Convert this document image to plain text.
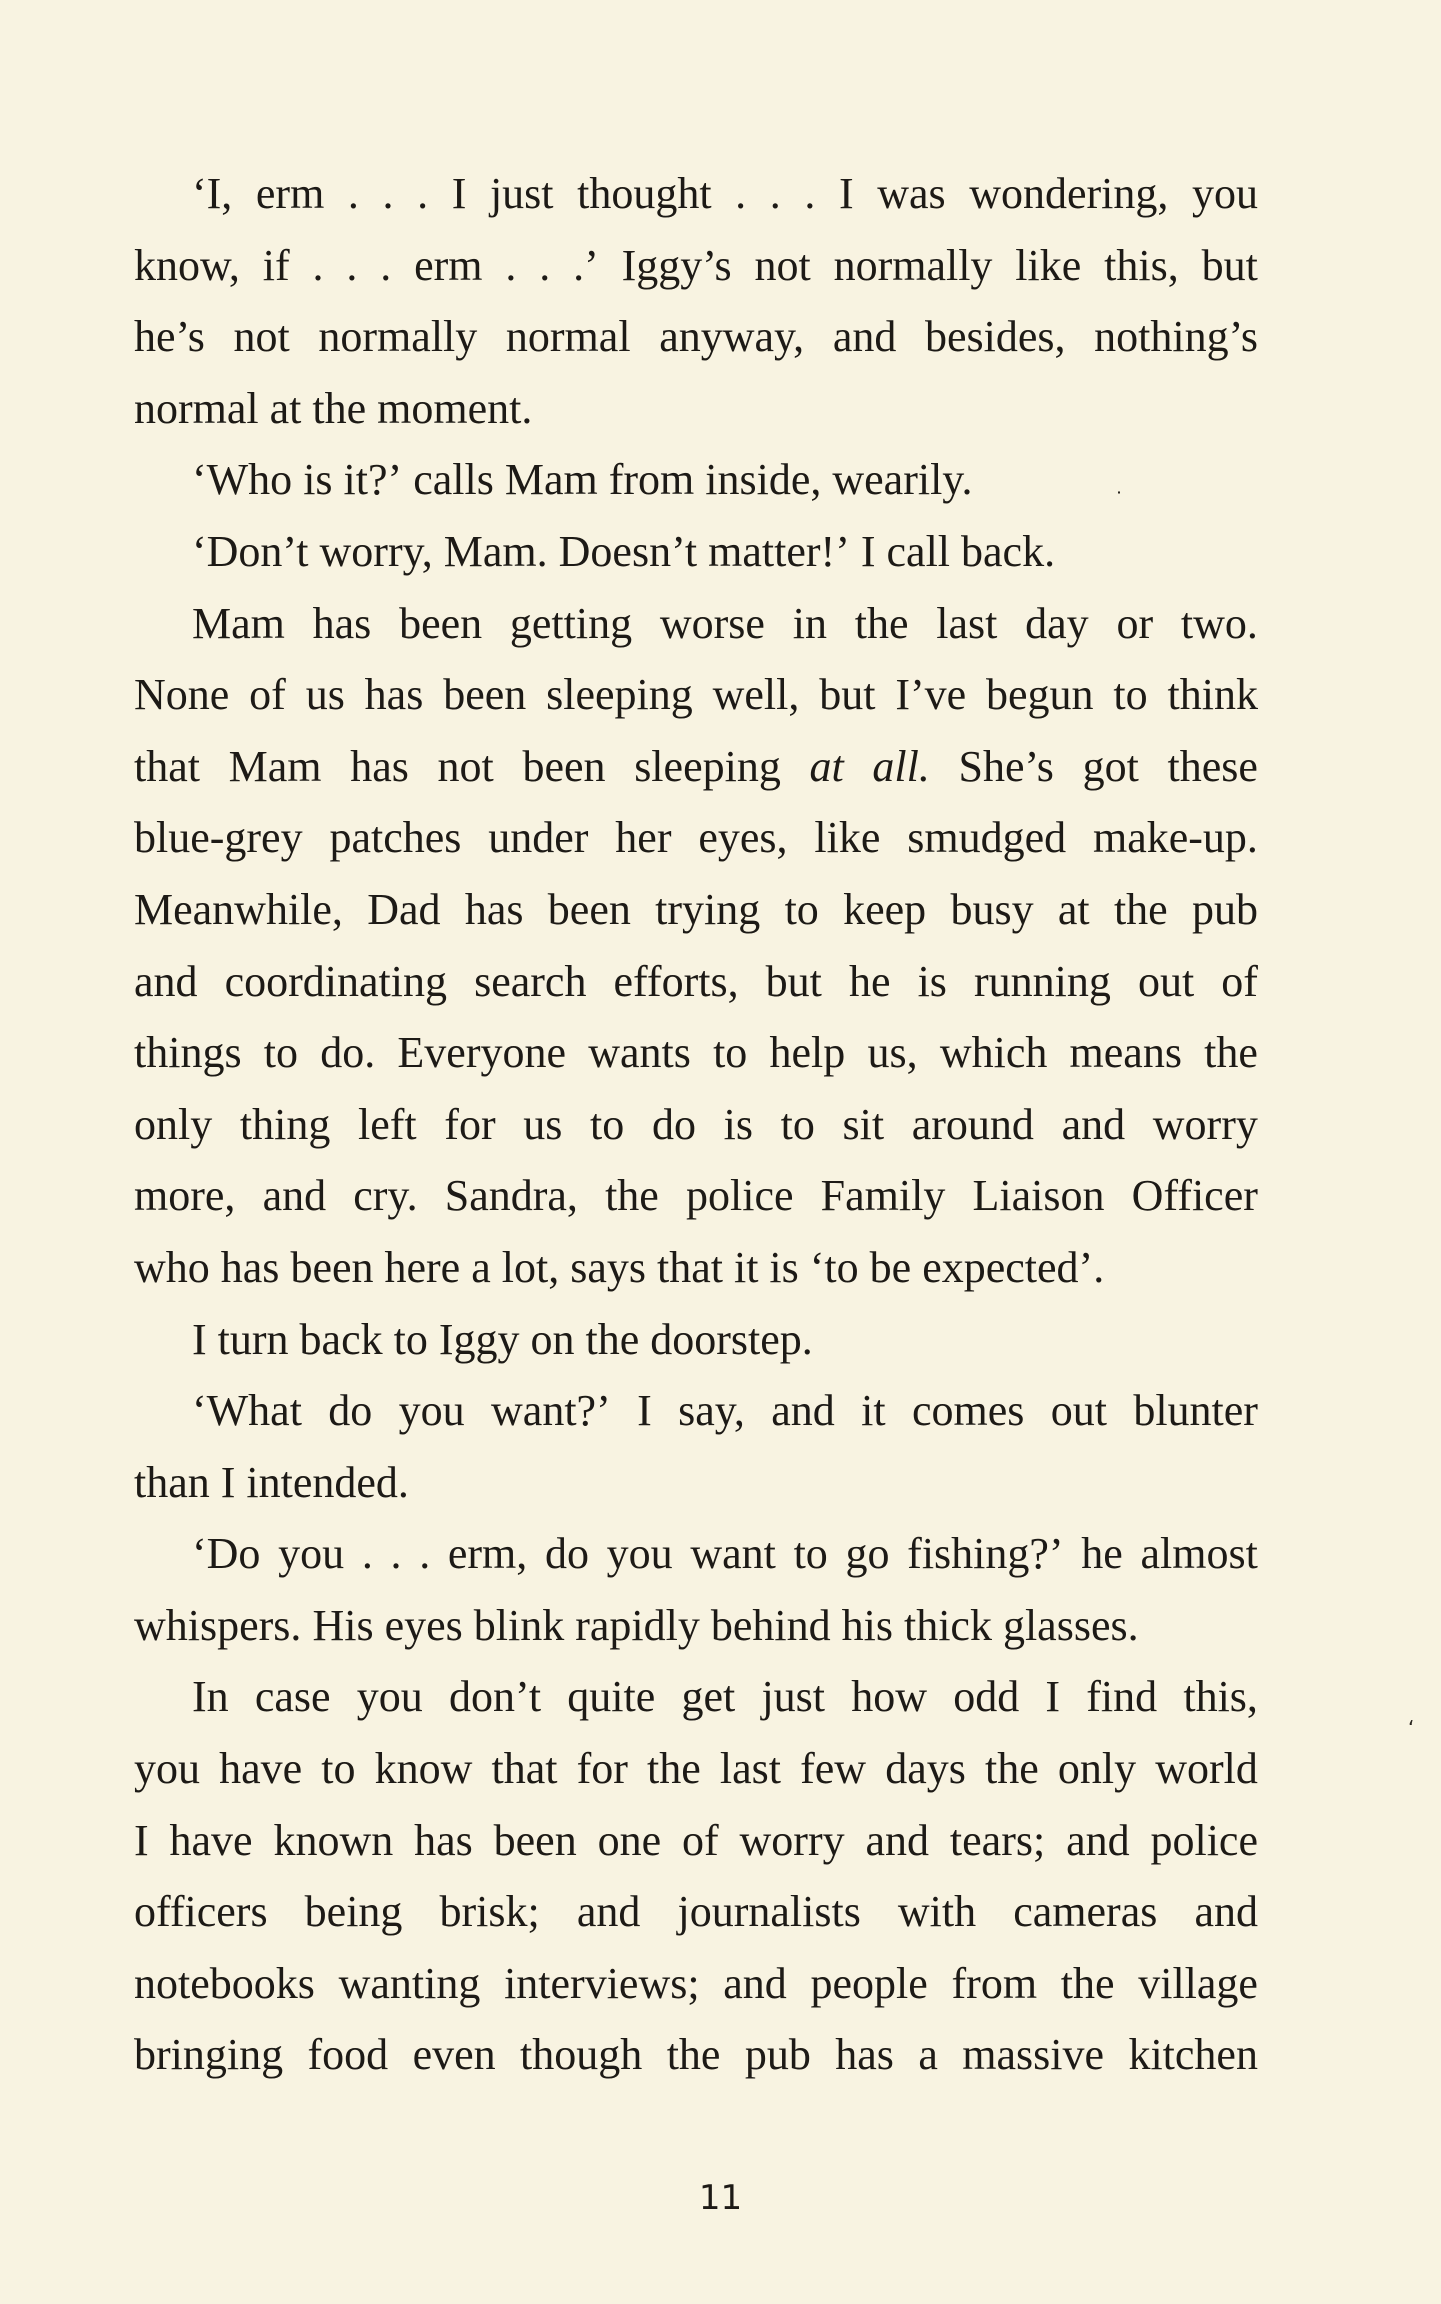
‘I, erm . . . I just thought . . . I was wondering, you
know, if . . . erm . . .’ Iggy’s not normally like this, but
he’s not normally normal anyway, and besides, nothing’s
normal at the moment.
‘Who is it?’ calls Mam from inside, wearily.
‘Don’t worry, Mam. Doesn’t matter!’ I call back.
Mam has been getting worse in the last day or two.
None of us has been sleeping well, but I’ve begun to think
that Mam has not been sleeping at all. She’s got these
blue-grey patches under her eyes, like smudged make-up.
Meanwhile, Dad has been trying to keep busy at the pub
and coordinating search efforts, but he is running out of
things to do. Everyone wants to help us, which means the
only thing left for us to do is to sit around and worry
more, and cry. Sandra, the police Family Liaison Officer
who has been here a lot, says that it is ‘to be expected’.
I turn back to Iggy on the doorstep.
‘What do you want?’ I say, and it comes out blunter
than I intended.
‘Do you . . . erm, do you want to go fishing?’ he almost
whispers. His eyes blink rapidly behind his thick glasses.
In case you don’t quite get just how odd I find this,
you have to know that for the last few days the only world
I have known has been one of worry and tears; and police
officers being brisk; and journalists with cameras and
notebooks wanting interviews; and people from the village
bringing food even though the pub has a massive kitchen
11
˙
‘
